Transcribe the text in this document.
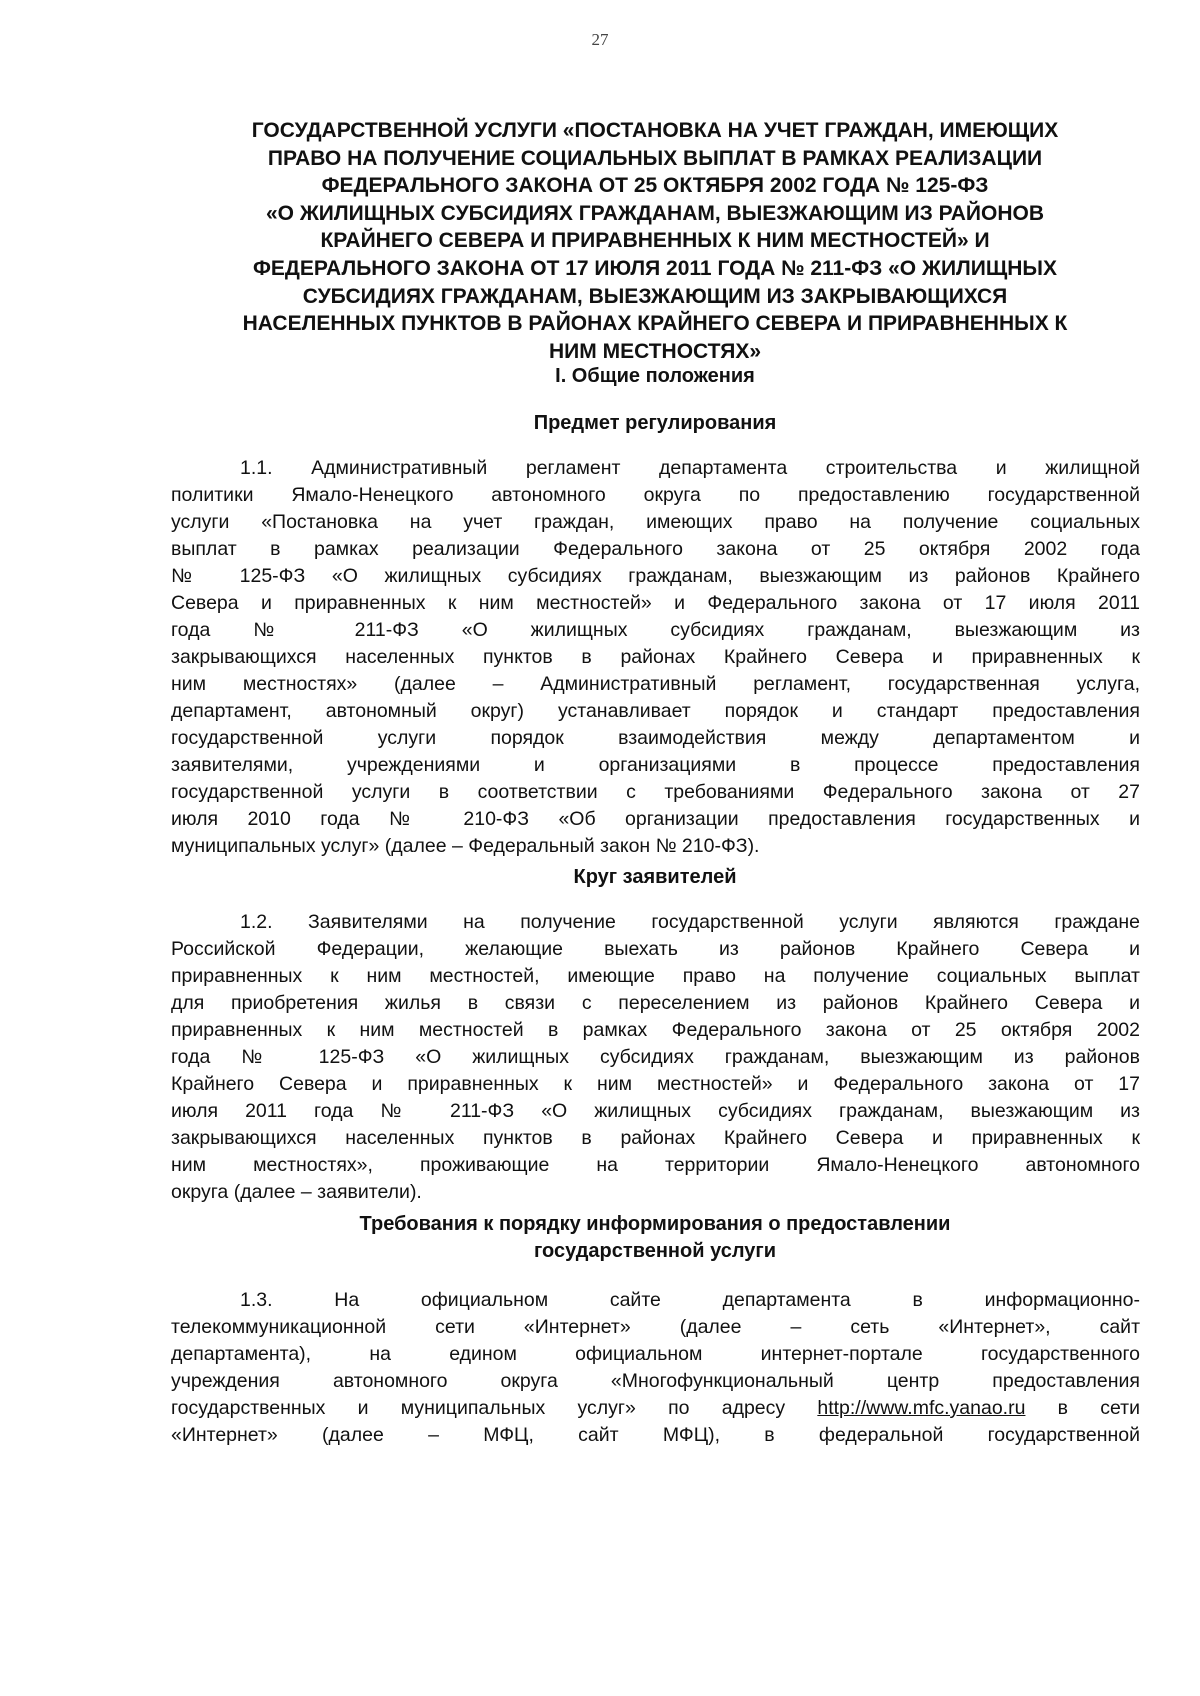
27
ГОСУДАРСТВЕННОЙ УСЛУГИ «ПОСТАНОВКА НА УЧЕТ ГРАЖДАН, ИМЕЮЩИХ
ПРАВО НА ПОЛУЧЕНИЕ СОЦИАЛЬНЫХ ВЫПЛАТ В РАМКАХ РЕАЛИЗАЦИИ
ФЕДЕРАЛЬНОГО ЗАКОНА ОТ 25 ОКТЯБРЯ 2002 ГОДА № 125-ФЗ
«О ЖИЛИЩНЫХ СУБСИДИЯХ ГРАЖДАНАМ, ВЫЕЗЖАЮЩИМ ИЗ РАЙОНОВ
КРАЙНЕГО СЕВЕРА И ПРИРАВНЕННЫХ К НИМ МЕСТНОСТЕЙ» И
ФЕДЕРАЛЬНОГО ЗАКОНА ОТ 17 ИЮЛЯ 2011 ГОДА № 211-ФЗ «О ЖИЛИЩНЫХ
СУБСИДИЯХ ГРАЖДАНАМ, ВЫЕЗЖАЮЩИМ ИЗ ЗАКРЫВАЮЩИХСЯ
НАСЕЛЕННЫХ ПУНКТОВ В РАЙОНАХ КРАЙНЕГО СЕВЕРА И ПРИРАВНЕННЫХ К
НИМ МЕСТНОСТЯХ»
I. Общие положения
Предмет регулирования

1.1. Административный регламент департамента строительства и жилищной
политики Ямало-Ненецкого автономного округа по предоставлению государственной
услуги «Постановка на учет граждан, имеющих право на получение социальных
выплат в рамках реализации Федерального закона от 25 октября 2002 года
№ 125-ФЗ «О жилищных субсидиях гражданам, выезжающим из районов Крайнего
Севера и приравненных к ним местностей» и Федерального закона от 17 июля 2011
года № 211-ФЗ «О жилищных субсидиях гражданам, выезжающим из
закрывающихся населенных пунктов в районах Крайнего Севера и приравненных к
ним местностях» (далее – Административный регламент, государственная услуга,
департамент, автономный округ) устанавливает порядок и стандарт предоставления
государственной услуги порядок взаимодействия между департаментом и
заявителями, учреждениями и организациями в процессе предоставления
государственной услуги в соответствии с требованиями Федерального закона от 27
июля 2010 года № 210-ФЗ «Об организации предоставления государственных и
муниципальных услуг» (далее – Федеральный закон № 210-ФЗ).

Круг заявителей

1.2. Заявителями на получение государственной услуги являются граждане
Российской Федерации, желающие выехать из районов Крайнего Севера и
приравненных к ним местностей, имеющие право на получение социальных выплат
для приобретения жилья в связи с переселением из районов Крайнего Севера и
приравненных к ним местностей в рамках Федерального закона от 25 октября 2002
года № 125-ФЗ «О жилищных субсидиях гражданам, выезжающим из районов
Крайнего Севера и приравненных к ним местностей» и Федерального закона от 17
июля 2011 года № 211-ФЗ «О жилищных субсидиях гражданам, выезжающим из
закрывающихся населенных пунктов в районах Крайнего Севера и приравненных к
ним местностях», проживающие на территории Ямало-Ненецкого автономного
округа (далее – заявители).

Требования к порядку информирования о предоставлении
государственной услуги

1.3. На официальном сайте департамента в информационно-
телекоммуникационной сети «Интернет» (далее – сеть «Интернет», сайт
департамента), на едином официальном интернет-портале государственного
учреждения автономного округа «Многофункциональный центр предоставления
государственных и муниципальных услуг» по адресу http://www.mfc.yanao.ru в сети
«Интернет» (далее – МФЦ, сайт МФЦ), в федеральной государственной
